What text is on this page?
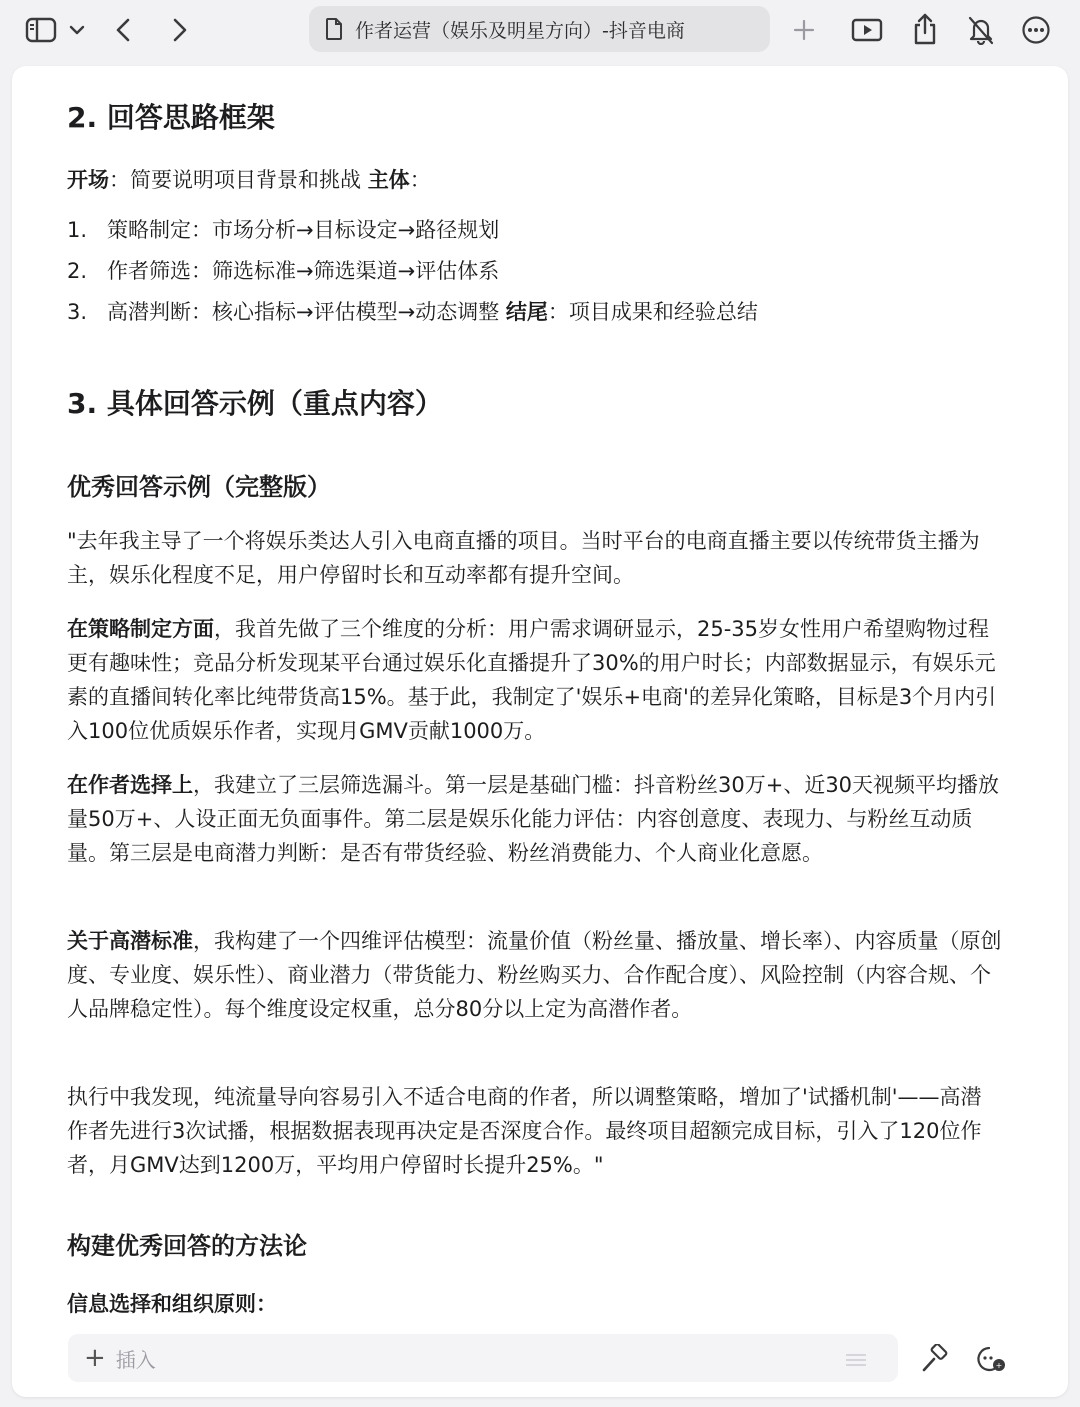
作者运营（娱乐及明星方向）-抖音电商
2. 回答思路框架
开场：简要说明项目背景和挑战 主体：
1. 策略制定：市场分析→目标设定→路径规划
2. 作者筛选：筛选标准→筛选渠道→评估体系
3. 高潜判断：核心指标→评估模型→动态调整 结尾：项目成果和经验总结
3. 具体回答示例（重点内容）
优秀回答示例（完整版）
"去年我主导了一个将娱乐类达人引入电商直播的项目。当时平台的电商直播主要以传统带货主播为主，娱乐化程度不足，用户停留时长和互动率都有提升空间。
在策略制定方面，我首先做了三个维度的分析：用户需求调研显示，25-35岁女性用户希望购物过程更有趣味性；竞品分析发现某平台通过娱乐化直播提升了30%的用户时长；内部数据显示，有娱乐元素的直播间转化率比纯带货高15%。基于此，我制定了'娱乐+电商'的差异化策略，目标是3个月内引入100位优质娱乐作者，实现月GMV贡献1000万。
在作者选择上，我建立了三层筛选漏斗。第一层是基础门槛：抖音粉丝30万+、近30天视频平均播放量50万+、人设正面无负面事件。第二层是娱乐化能力评估：内容创意度、表现力、与粉丝互动质量。第三层是电商潜力判断：是否有带货经验、粉丝消费能力、个人商业化意愿。
关于高潜标准，我构建了一个四维评估模型：流量价值（粉丝量、播放量、增长率）、内容质量（原创度、专业度、娱乐性）、商业潜力（带货能力、粉丝购买力、合作配合度）、风险控制（内容合规、个人品牌稳定性）。每个维度设定权重，总分80分以上定为高潜作者。
执行中我发现，纯流量导向容易引入不适合电商的作者，所以调整策略，增加了'试播机制'——高潜作者先进行3次试播，根据数据表现再决定是否深度合作。最终项目超额完成目标，引入了120位作者，月GMV达到1200万，平均用户停留时长提升25%。"
构建优秀回答的方法论
信息选择和组织原则：
+ 插入	+
